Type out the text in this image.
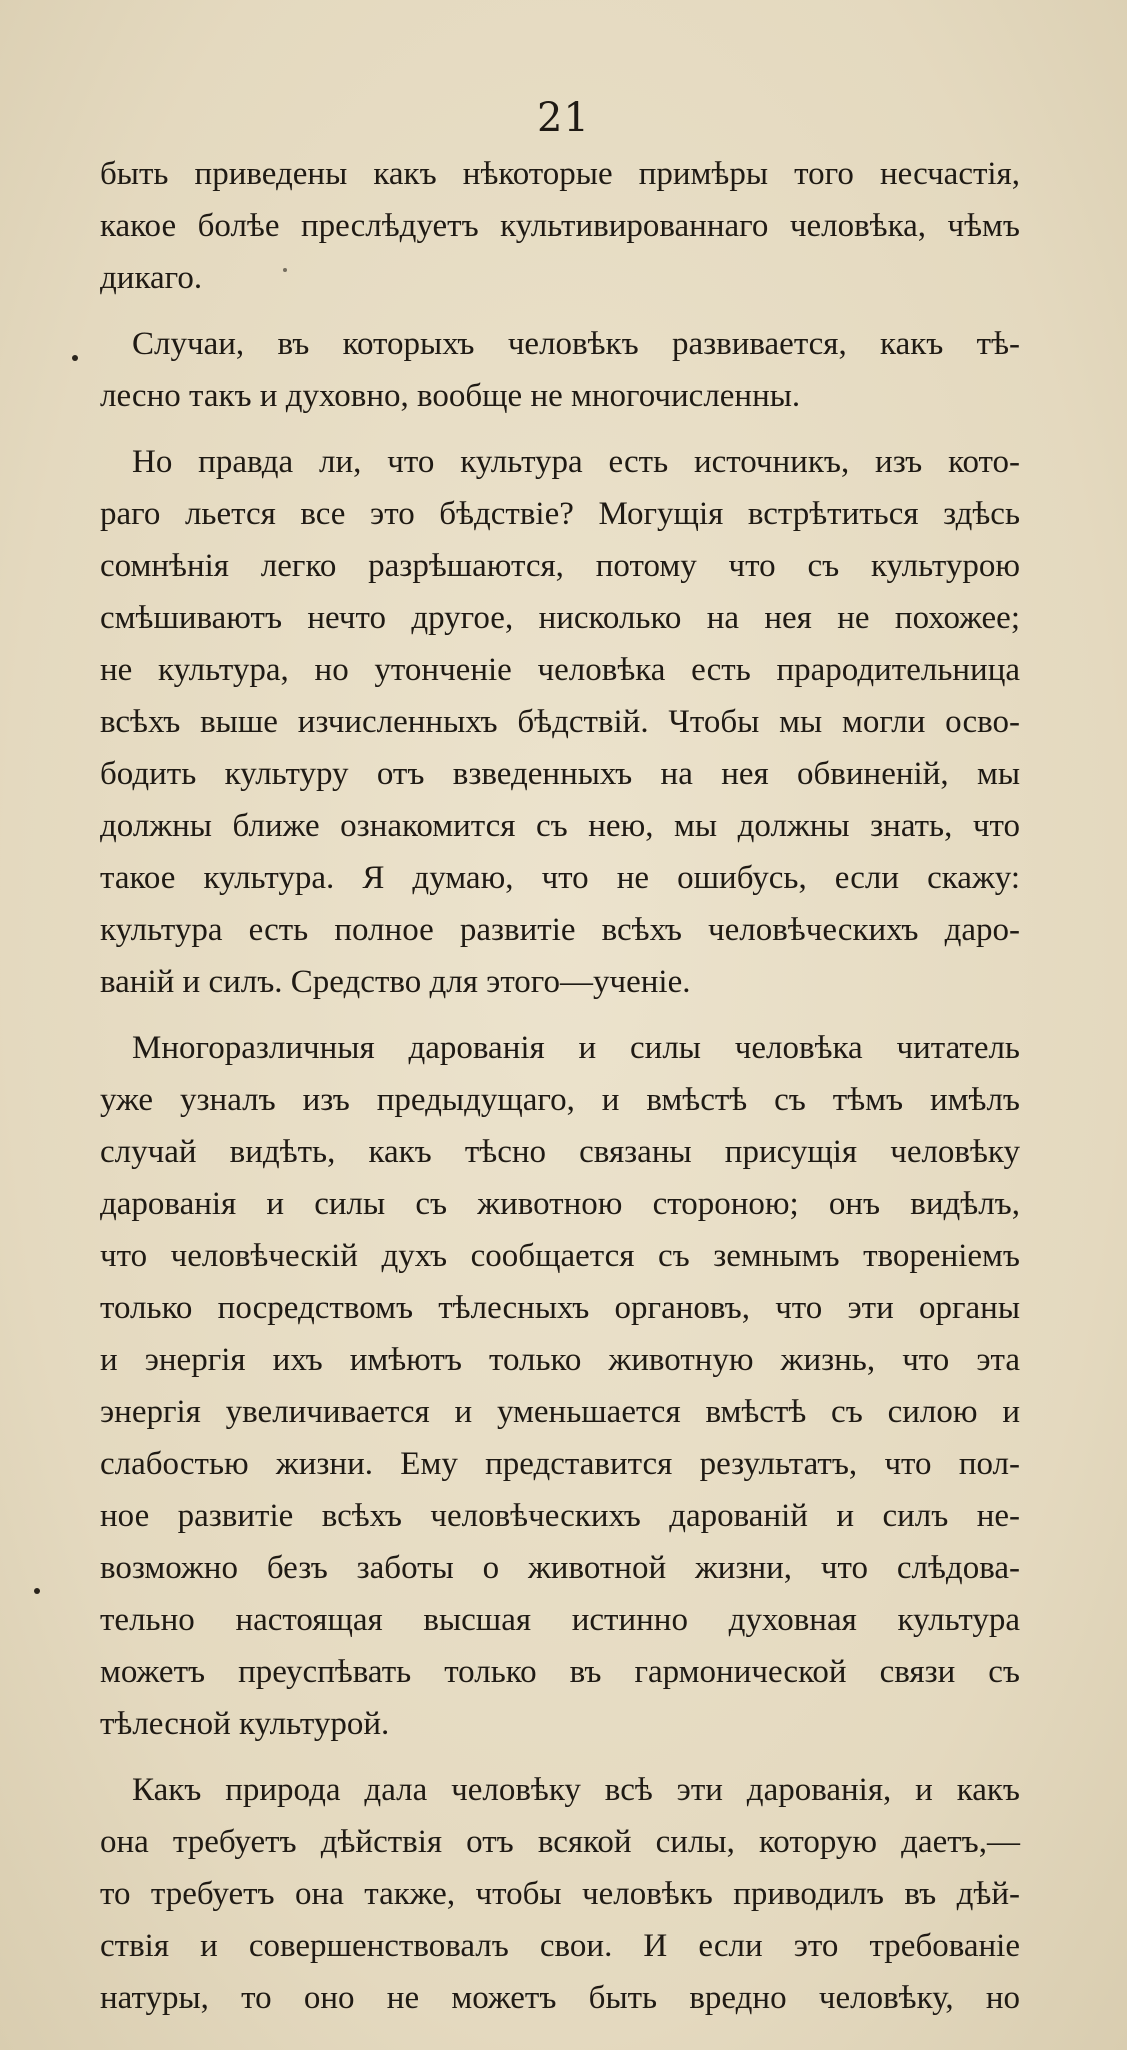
21
быть приведены какъ нѣкоторые примѣры того несчастія,
какое болѣе преслѣдуетъ культивированнаго человѣка, чѣмъ
дикаго.
Случаи, въ которыхъ человѣкъ развивается, какъ тѣ-
лесно такъ и духовно, вообще не многочисленны.
Но правда ли, что культура есть источникъ, изъ кото-
раго льется все это бѣдствіе? Могущія встрѣтиться здѣсь
сомнѣнія легко разрѣшаются, потому что съ культурою
смѣшиваютъ нечто другое, нисколько на нея не похожее;
не культура, но утонченіе человѣка есть прародительница
всѣхъ выше изчисленныхъ бѣдствій. Чтобы мы могли осво-
бодить культуру отъ взведенныхъ на нея обвиненій, мы
должны ближе ознакомится съ нею, мы должны знать, что
такое культура. Я думаю, что не ошибусь, если скажу:
культура есть полное развитіе всѣхъ человѣческихъ даро-
ваній и силъ. Средство для этого—ученіе.
Многоразличныя дарованія и силы человѣка читатель
уже узналъ изъ предыдущаго, и вмѣстѣ съ тѣмъ имѣлъ
случай видѣть, какъ тѣсно связаны присущія человѣку
дарованія и силы съ животною стороною; онъ видѣлъ,
что человѣческій духъ сообщается съ земнымъ твореніемъ
только посредствомъ тѣлесныхъ органовъ, что эти органы
и энергія ихъ имѣютъ только животную жизнь, что эта
энергія увеличивается и уменьшается вмѣстѣ съ силою и
слабостью жизни. Ему представится результатъ, что пол-
ное развитіе всѣхъ человѣческихъ дарованій и силъ не-
возможно безъ заботы о животной жизни, что слѣдова-
тельно настоящая высшая истинно духовная культура
можетъ преуспѣвать только въ гармонической связи съ
тѣлесной культурой.
Какъ природа дала человѣку всѣ эти дарованія, и какъ
она требуетъ дѣйствія отъ всякой силы, которую даетъ,—
то требуетъ она также, чтобы человѣкъ приводилъ въ дѣй-
ствія и совершенствовалъ свои. И если это требованіе
натуры, то оно не можетъ быть вредно человѣку, но
